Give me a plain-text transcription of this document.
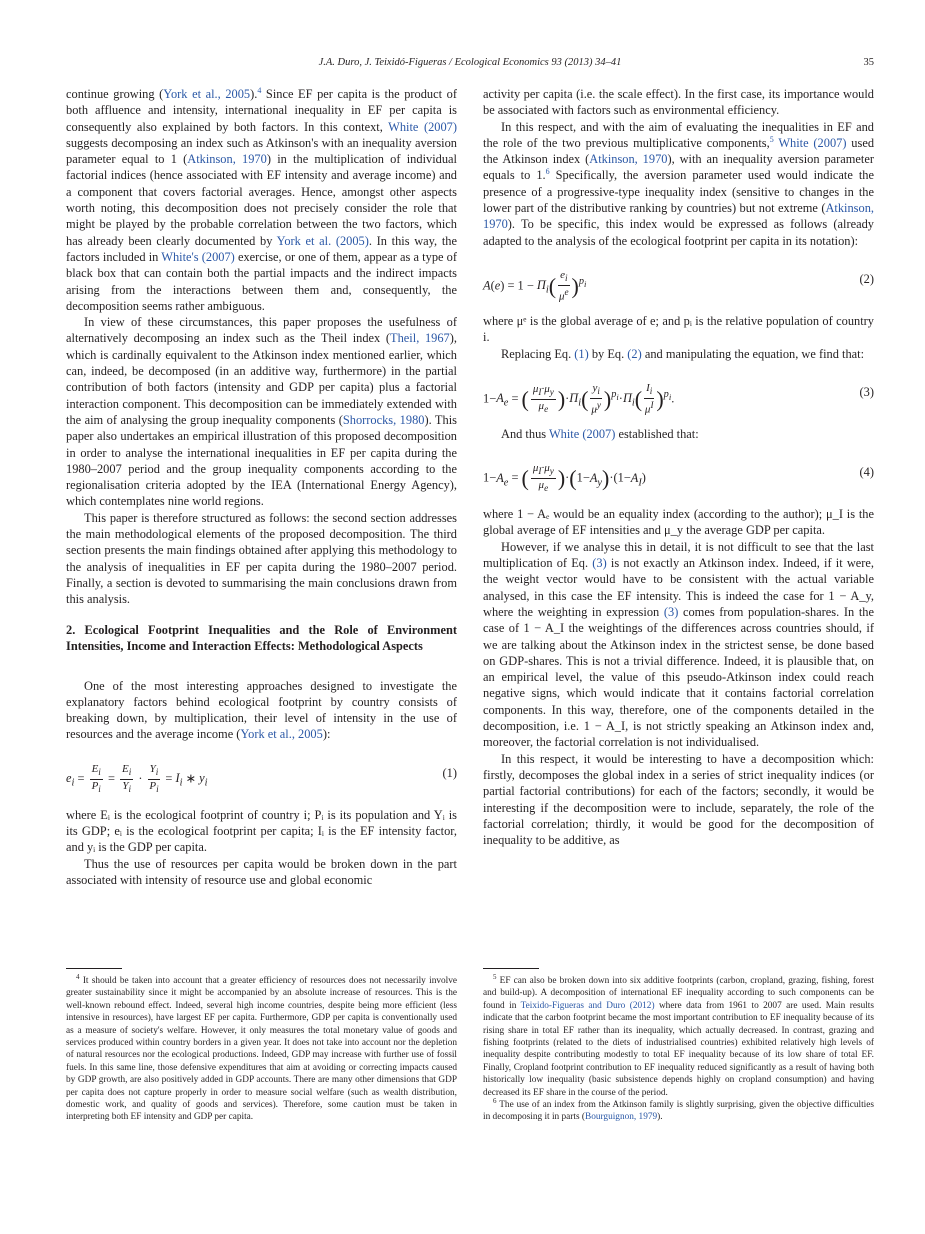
J.A. Duro, J. Teixidó-Figueras / Ecological Economics 93 (2013) 34–41	35

continue growing (York et al., 2005).$^4$ Since EF per capita is the product of both affluence and intensity, international inequality in EF per capita is consequently also explained by both factors. In this context, White (2007) suggests decomposing an index such as Atkinson's with an inequality aversion parameter equal to 1 (Atkinson, 1970) in the multiplication of individual factorial indices (hence associated with EF intensity and average income) and a component that covers factorial averages. Hence, amongst other aspects worth noting, this decomposition does not precisely consider the role that might be played by the probable correlation between the two factors, which has already been clearly documented by York et al. (2005). In this way, the factors included in White's (2007) exercise, or one of them, appear as a type of black box that can contain both the partial impacts and the indirect impacts arising from the interactions between them and, consequently, the decomposition seems rather ambiguous.

In view of these circumstances, this paper proposes the usefulness of alternatively decomposing an index such as the Theil index (Theil, 1967), which is cardinally equivalent to the Atkinson index mentioned earlier, which can, indeed, be decomposed (in an additive way, furthermore) in the partial contribution of both factors (intensity and GDP per capita) plus a factorial interaction component. This decomposition can be immediately extended with the aim of analysing the group inequality components (Shorrocks, 1980). This paper also undertakes an empirical illustration of this proposed decomposition in order to analyse the international inequalities in EF per capita during the 1980–2007 period and the group inequality components according to the regionalisation criteria adopted by the IEA (International Energy Agency), which contemplates nine world regions.

This paper is therefore structured as follows: the second section addresses the main methodological elements of the proposed decomposition. The third section presents the main findings obtained after applying this methodology to the analysis of inequalities in EF per capita during the 1980–2007 period. Finally, a section is devoted to summarising the main conclusions drawn from this analysis.

2. Ecological Footprint Inequalities and the Role of Environment Intensities, Income and Interaction Effects: Methodological Aspects

One of the most interesting approaches designed to investigate the explanatory factors behind ecological footprint by country consists of breaking down, by multiplication, their level of intensity in the use of resources and the average income (York et al., 2005):

$e_i = \frac{E_i}{P_i} = \frac{E_i}{Y_i} \cdot \frac{Y_i}{P_i} = I_i$ ∗ $y_i$
(1)

where Eᵢ is the ecological footprint of country i; Pᵢ is its population and Yᵢ is its GDP; eᵢ is the ecological footprint per capita; Iᵢ is the EF intensity factor, and yᵢ is the GDP per capita.

Thus the use of resources per capita would be broken down in the part associated with intensity of resource use and global economic

activity per capita (i.e. the scale effect). In the first case, its importance would be associated with factors such as environmental efficiency.

In this respect, and with the aim of evaluating the inequalities in EF and the role of the two previous multiplicative components,$^5$ White (2007) used the Atkinson index (Atkinson, 1970), with an inequality aversion parameter equals to 1.$^6$ Specifically, the aversion parameter used would indicate the presence of a progressive-type inequality index (sensitive to changes in the lower part of the distributive ranking by countries) but not extreme (Atkinson, 1970). To be specific, this index would be expressed as follows (already adapted to the analysis of the ecological footprint per capita in its notation):

$A(e) = 1 - \Pi_i( \frac{e_i}{\mu^e} )^{p_i}$	(2)

where μᵉ is the global average of e; and pᵢ is the relative population of country i.

Replacing Eq. (1) by Eq. (2) and manipulating the equation, we find that:

$1-A_e$ = ( $\frac{\mu_I\cdot\mu_y}{\mu_e} )\cdot\Pi_i( \frac{y_i}{\mu^y} )^{p_i}\cdot\Pi_i( \frac{I_i}{\mu^I} )^{p_i}$.	(3)

And thus White (2007) established that:

$1-A_e$ = ( $\frac{\mu_I\cdot\mu_y}{\mu_e} )\cdot(1-A_y)\cdot(1-A_I)$	(4)

where 1 − Aₑ would be an equality index (according to the author); μ_I is the global average of EF intensities and μ_y the average GDP per capita.

However, if we analyse this in detail, it is not difficult to see that the last multiplication of Eq. (3) is not exactly an Atkinson index. Indeed, if it were, the weight vector would have to be consistent with the actual variable analysed, in this case the EF intensity. This is indeed the case for 1 − A_y, where the weighting in expression (3) comes from population-shares. In the case of 1 − A_I the weightings of the differences across countries should, if we are talking about the Atkinson index in the strictest sense, be done based on GDP-shares. This is not a trivial difference. Indeed, it is plausible that, on an empirical level, the value of this pseudo-Atkinson index could reach negative signs, which would indicate that it contains factorial correlation components. In this way, therefore, one of the components detailed in the decomposition, i.e. 1 − A_I, is not strictly speaking an Atkinson index and, moreover, the factorial correlation is not individualised.

In this respect, it would be interesting to have a decomposition which: firstly, decomposes the global index in a series of strict inequality indices (or partial factorial contributions) for each of the factors; secondly, it would be interesting if the decomposition were to include, separately, the role of the factorial correlation; thirdly, it would be good for the decomposition of inequality to be additive, as

$^4$ It should be taken into account that a greater efficiency of resources does not necessarily involve greater sustainability since it might be accompanied by an absolute increase of resources. This is the well-known rebound effect. Indeed, several high income countries, despite being more efficient (less intensive in resources), have largest EF per capita. Furthermore, GDP per capita is conventionally used as a measure of society's welfare. However, it only measures the total monetary value of goods and services produced within country borders in a given year. It does not take into account nor the depletion of natural resources nor the ecological productions. Indeed, GDP may increase with further use of fossil fuels. In this same line, those defensive expenditures that aim at avoiding or correcting impacts caused by GDP growth, are also positively added in GDP accounts. There are many other dimensions that GDP per capita does not capture properly in order to measure social welfare (such as wealth distribution, domestic work, and quality of goods and services). Therefore, some caution must be taken in interpreting both EF intensity and GDP per capita.

$^5$ EF can also be broken down into six additive footprints (carbon, cropland, grazing, fishing, forest and build-up). A decomposition of international EF inequality according to such components can be found in Teixido-Figueras and Duro (2012) where data from 1961 to 2007 are used. Main results indicate that the carbon footprint became the most important contribution to EF inequality because of its rising share in total EF rather than its inequality, which actually decreased. In contrast, grazing and fishing footprints (related to the diets of industrialised countries) exhibited relatively high levels of inequality despite contributing modestly to total EF inequality because of its low share of total EF. Finally, Cropland footprint contribution to EF inequality reduced significantly as a result of having both historically low inequality (basic subsistence depends highly on cropland consumption) and having decreased its EF share in the course of the period.

$^6$ The use of an index from the Atkinson family is slightly surprising, given the objective difficulties in decomposing it in parts (Bourguignon, 1979).
